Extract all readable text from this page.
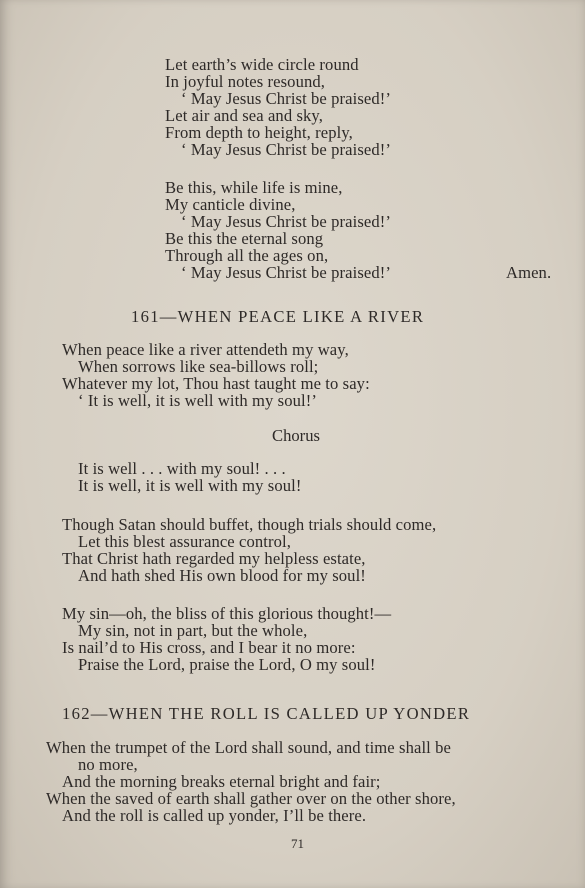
Let earth’s wide circle round
In joyful notes resound,
‘ May Jesus Christ be praised!’
Let air and sea and sky,
From depth to height, reply,
‘ May Jesus Christ be praised!’
Be this, while life is mine,
My canticle divine,
‘ May Jesus Christ be praised!’
Be this the eternal song
Through all the ages on,
‘ May Jesus Christ be praised!’	Amen.
161—WHEN PEACE LIKE A RIVER
When peace like a river attendeth my way,
When sorrows like sea-billows roll;
Whatever my lot, Thou hast taught me to say:
‘ It is well, it is well with my soul!’
Chorus
It is well . . . with my soul! . . .
It is well, it is well with my soul!
Though Satan should buffet, though trials should come,
Let this blest assurance control,
That Christ hath regarded my helpless estate,
And hath shed His own blood for my soul!
My sin—oh, the bliss of this glorious thought!—
My sin, not in part, but the whole,
Is nail’d to His cross, and I bear it no more:
Praise the Lord, praise the Lord, O my soul!
162—WHEN THE ROLL IS CALLED UP YONDER
When the trumpet of the Lord shall sound, and time shall be
no more,
And the morning breaks eternal bright and fair;
When the saved of earth shall gather over on the other shore,
And the roll is called up yonder, I’ll be there.
71
